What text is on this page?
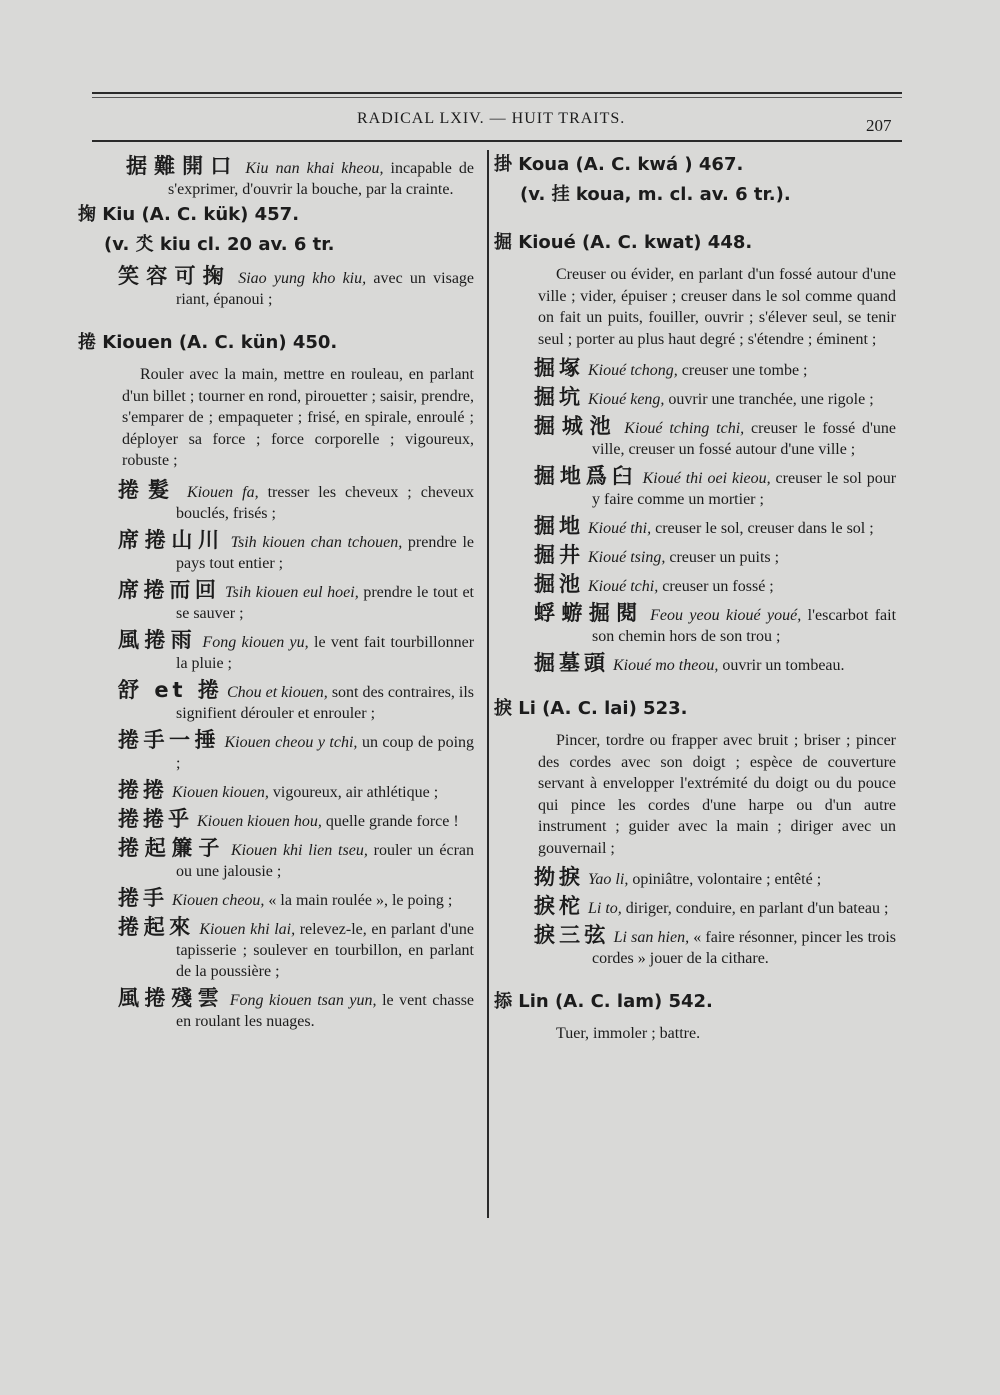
RADICAL LXIV. — HUIT TRAITS.	207

据難開口 Kiu nan khai kheou, incapable de s'exprimer, d'ouvrir la bouche, par la crainte.

掬 Kiu (A. C. kük) 457.
(v. 氼 kiu cl. 20 av. 6 tr.

笑容可掬 Siao yung kho kiu, avec un visage riant, épanoui ;

捲 Kiouen (A. C. kün) 450.

Rouler avec la main, mettre en rouleau, en parlant d'un billet ; tourner en rond, pirouetter ; saisir, prendre, s'emparer de ; empaqueter ; frisé, en spirale, enroulé ; déployer sa force ; force corporelle ; vigoureux, robuste ;

捲髮 Kiouen fa, tresser les cheveux ; cheveux bouclés, frisés ;

席捲山川 Tsih kiouen chan tchouen, prendre le pays tout entier ;

席捲而回 Tsih kiouen eul hoei, prendre le tout et se sauver ;

風捲雨 Fong kiouen yu, le vent fait tourbillonner la pluie ;

舒 et 捲 Chou et kiouen, sont des contraires, ils signifient dérouler et enrouler ;

捲手一捶 Kiouen cheou y tchi, un coup de poing ;

捲捲 Kiouen kiouen, vigoureux, air athlétique ;

捲捲乎 Kiouen kiouen hou, quelle grande force !

捲起簾子 Kiouen khi lien tseu, rouler un écran ou une jalousie ;

捲手 Kiouen cheou, « la main roulée », le poing ;

捲起來 Kiouen khi lai, relevez-le, en parlant d'une tapisserie ; soulever en tourbillon, en parlant de la poussière ;

風捲殘雲 Fong kiouen tsan yun, le vent chasse en roulant les nuages.

掛 Koua (A. C. kwá ) 467.
(v. 挂 koua, m. cl. av. 6 tr.).

掘 Kioué (A. C. kwat) 448.

Creuser ou évider, en parlant d'un fossé autour d'une ville ; vider, épuiser ; creuser dans le sol comme quand on fait un puits, fouiller, ouvrir ; s'élever seul, se tenir seul ; porter au plus haut degré ; s'étendre ; éminent ;

掘塚 Kioué tchong, creuser une tombe ;

掘坑 Kioué keng, ouvrir une tranchée, une rigole ;

掘城池 Kioué tching tchi, creuser le fossé d'une ville, creuser un fossé autour d'une ville ;

掘地爲臼 Kioué thi oei kieou, creuser le sol pour y faire comme un mortier ;

掘地 Kioué thi, creuser le sol, creuser dans le sol ;

掘井 Kioué tsing, creuser un puits ;

掘池 Kioué tchi, creuser un fossé ;

蜉蝣掘閱 Feou yeou kioué youé, l'escarbot fait son chemin hors de son trou ;

掘墓頭 Kioué mo theou, ouvrir un tombeau.

捩 Li (A. C. lai) 523.

Pincer, tordre ou frapper avec bruit ; briser ; pincer des cordes avec son doigt ; espèce de couverture servant à envelopper l'extrémité du doigt ou du pouce qui pince les cordes d'une harpe ou d'un autre instrument ; guider avec la main ; diriger avec un gouvernail ;

拗捩 Yao li, opiniâtre, volontaire ; entêté ;

捩柁 Li to, diriger, conduire, en parlant d'un bateau ;

捩三弦 Li san hien, « faire résonner, pincer les trois cordes » jouer de la cithare.

掭 Lin (A. C. lam) 542.

Tuer, immoler ; battre.
